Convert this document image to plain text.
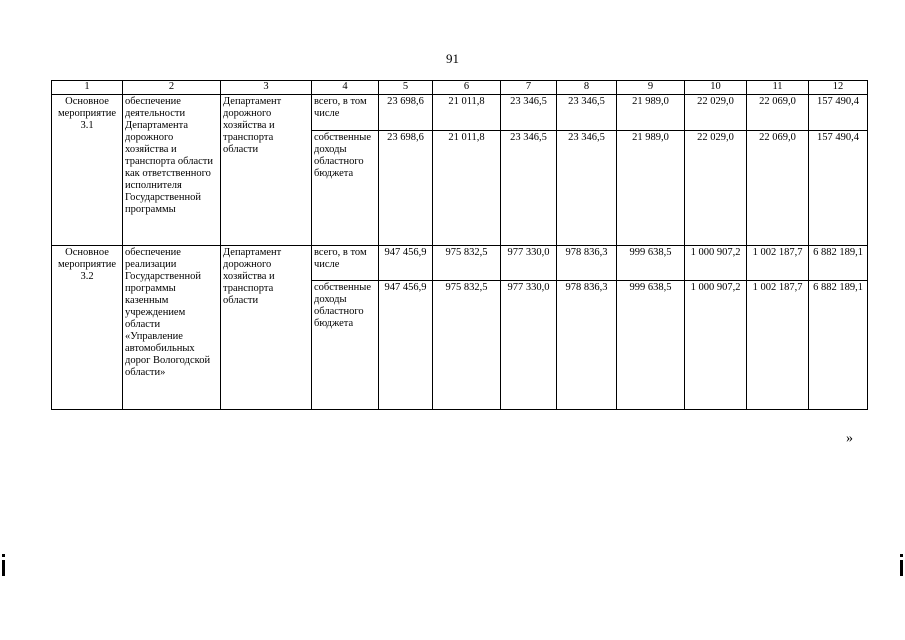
91
1	2	3	4	5	6	7	8	9	10	11	12
Основное мероприятие 3.1	обеспечение деятельности Департамента дорожного хозяйства и транспорта области как ответственного исполнителя Государственной программы	Департамент дорожного хозяйства и транспорта области	всего, в том числе	23 698,6	21 011,8	23 346,5	23 346,5	21 989,0	22 029,0	22 069,0	157 490,4
			собственные доходы областного бюджета	23 698,6	21 011,8	23 346,5	23 346,5	21 989,0	22 029,0	22 069,0	157 490,4
Основное мероприятие 3.2	обеспечение реализации Государственной программы казенным учреждением области «Управление автомобильных дорог Вологодской области»	Департамент дорожного хозяйства и транспорта области	всего, в том числе	947 456,9	975 832,5	977 330,0	978 836,3	999 638,5	1 000 907,2	1 002 187,7	6 882 189,1
			собственные доходы областного бюджета	947 456,9	975 832,5	977 330,0	978 836,3	999 638,5	1 000 907,2	1 002 187,7	6 882 189,1
»
